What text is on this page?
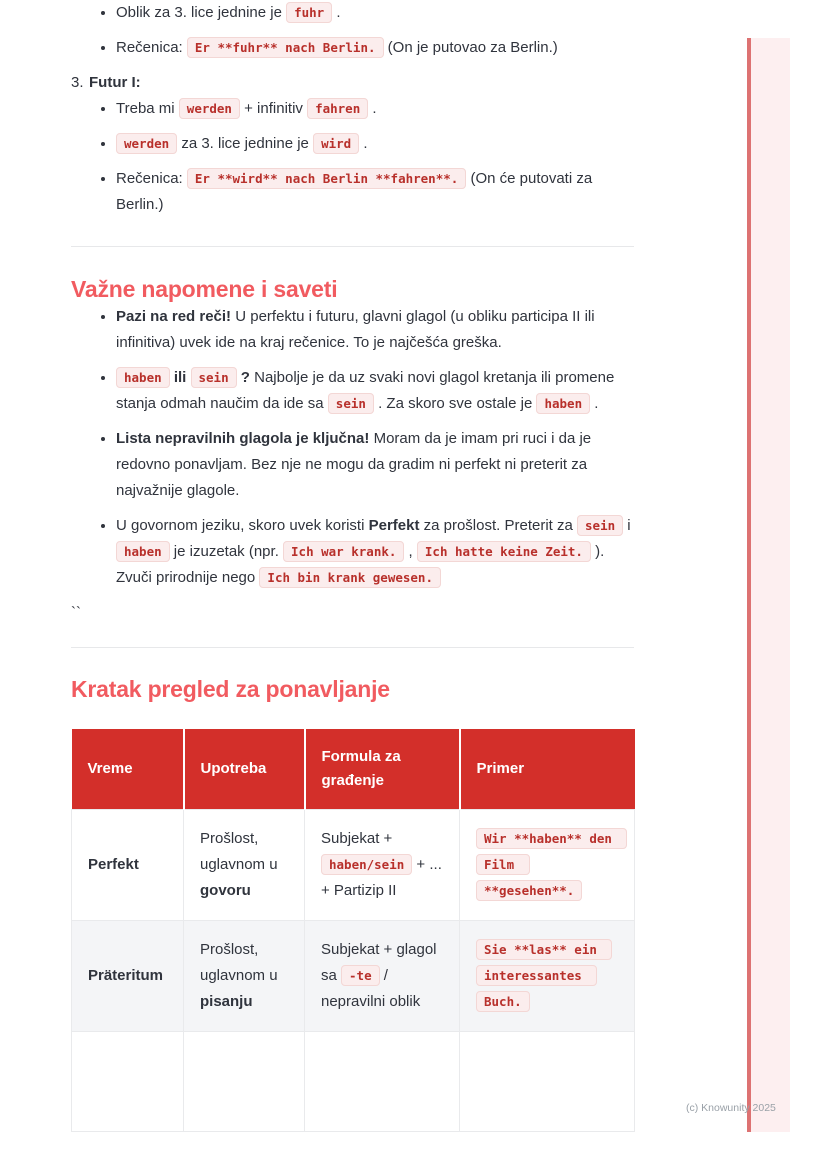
• Oblik za 3. lice jednine je fuhr .
• Rečenica: Er **fuhr** nach Berlin. (On je putovao za Berlin.)
3. Futur I:
• Treba mi werden + infinitiv fahren .
• werden za 3. lice jednine je wird .
• Rečenica: Er **wird** nach Berlin **fahren**. (On će putovati za Berlin.)
Važne napomene i saveti
• Pazi na red reči! U perfektu i futuru, glavni glagol (u obliku participa II ili infinitiva) uvek ide na kraj rečenice. To je najčešća greška.
• haben ili sein ? Najbolje je da uz svaki novi glagol kretanja ili promene stanja odmah naučim da ide sa sein . Za skoro sve ostale je haben .
• Lista nepravilnih glagola je ključna! Moram da je imam pri ruci i da je redovno ponavljam. Bez nje ne mogu da gradim ni perfekt ni preterit za najvažnije glagole.
• U govornom jeziku, skoro uvek koristi Perfekt za prošlost. Preterit za sein i haben je izuzetak (npr. Ich war krank. , Ich hatte keine Zeit. ). Zvuči prirodnije nego Ich bin krank gewesen.
``
Kratak pregled za ponavljanje
Vreme	Upotreba	Formula za građenje	Primer
Perfekt	Prošlost, uglavnom u govoru	Subjekat + haben/sein + ... + Partizip II	Wir **haben** den Film **gesehen**.
Präteritum	Prošlost, uglavnom u pisanju	Subjekat + glagol sa -te / nepravilni oblik	Sie **las** ein interessantes Buch.

(c) Knowunity 2025
